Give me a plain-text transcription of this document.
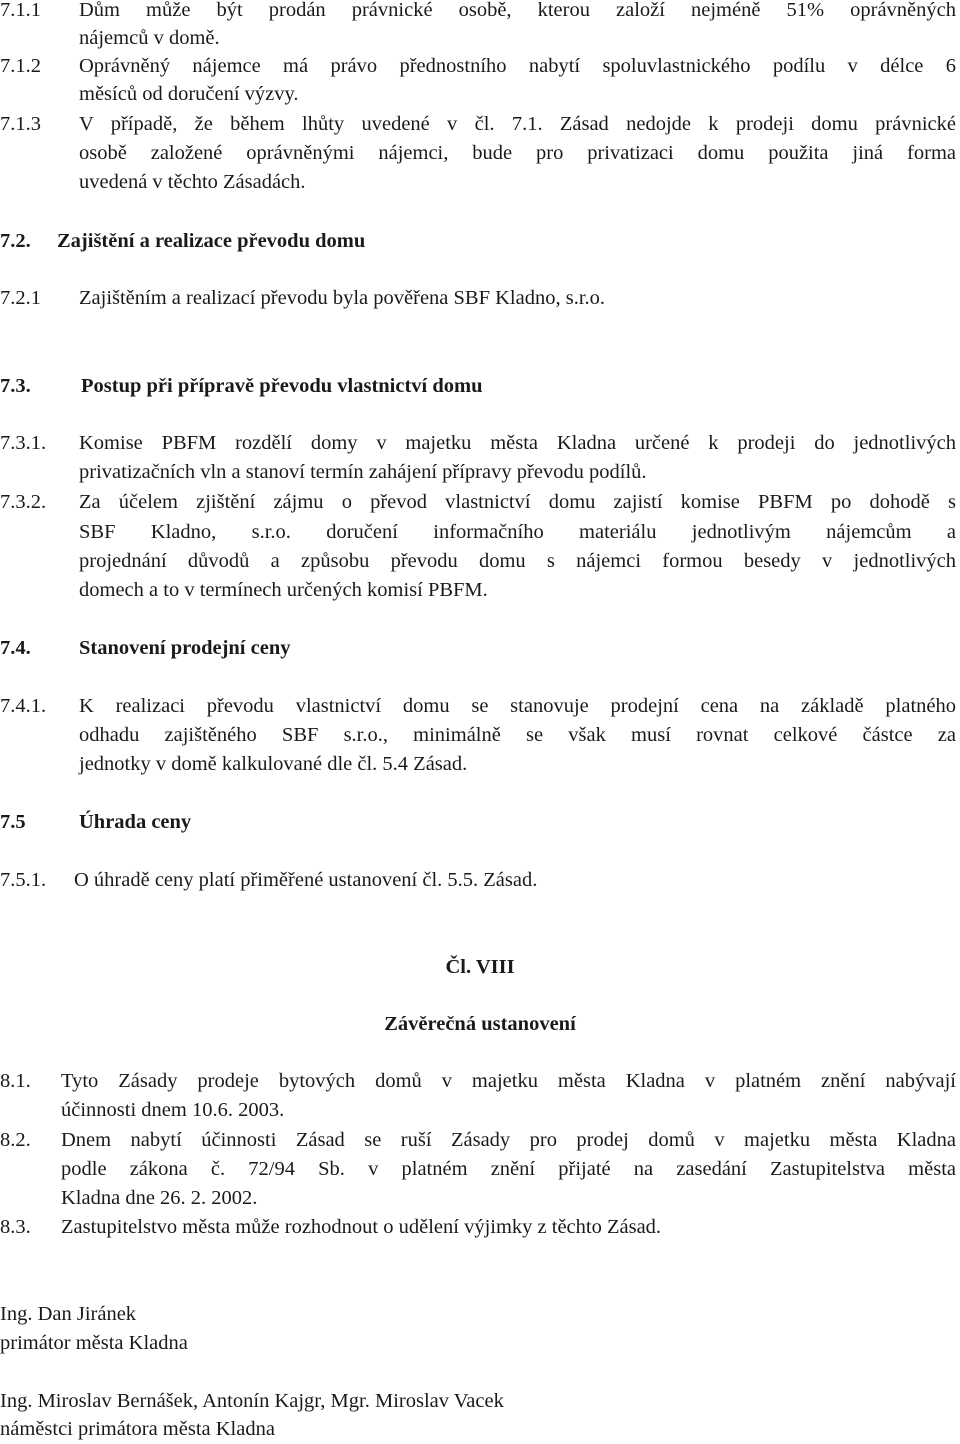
7.1.1 Dům může být prodán právnické osobě, kterou založí nejméně 51% oprávněných
nájemců v domě.
7.1.2 Oprávněný nájemce má právo přednostního nabytí spoluvlastnického podílu v délce 6
měsíců od doručení výzvy.
7.1.3 V případě, že během lhůty uvedené v čl. 7.1. Zásad nedojde k prodeji domu právnické
osobě založené oprávněnými nájemci, bude pro privatizaci domu použita jiná forma
uvedená v těchto Zásadách.
7.2. Zajištění a realizace převodu domu
7.2.1 Zajištěním a realizací převodu byla pověřena SBF Kladno, s.r.o.
7.3. Postup při přípravě převodu vlastnictví domu
7.3.1. Komise PBFM rozdělí domy v majetku města Kladna určené k prodeji do jednotlivých
privatizačních vln a stanoví termín zahájení přípravy převodu podílů.
7.3.2. Za účelem zjištění zájmu o převod vlastnictví domu zajistí komise PBFM po dohodě s
SBF Kladno, s.r.o. doručení informačního materiálu jednotlivým nájemcům a
projednání důvodů a způsobu převodu domu s nájemci formou besedy v jednotlivých
domech a to v termínech určených komisí PBFM.
7.4. Stanovení prodejní ceny
7.4.1. K realizaci převodu vlastnictví domu se stanovuje prodejní cena na základě platného
odhadu zajištěného SBF s.r.o., minimálně se však musí rovnat celkové částce za
jednotky v domě kalkulované dle čl. 5.4 Zásad.
7.5	Úhrada ceny
7.5.1. O úhradě ceny platí přiměřené ustanovení čl. 5.5. Zásad.
Čl. VIII
Závěrečná ustanovení
8.1. Tyto Zásady prodeje bytových domů v majetku města Kladna v platném znění nabývají
účinnosti dnem 10.6. 2003.
8.2. Dnem nabytí účinnosti Zásad se ruší Zásady pro prodej domů v majetku města Kladna
podle zákona č. 72/94 Sb. v platném znění přijaté na zasedání Zastupitelstva města
Kladna dne 26. 2. 2002.
8.3. Zastupitelstvo města může rozhodnout o udělení výjimky z těchto Zásad.
Ing. Dan Jiránek
primátor města Kladna
Ing. Miroslav Bernášek, Antonín Kajgr, Mgr. Miroslav Vacek
náměstci primátora města Kladna
